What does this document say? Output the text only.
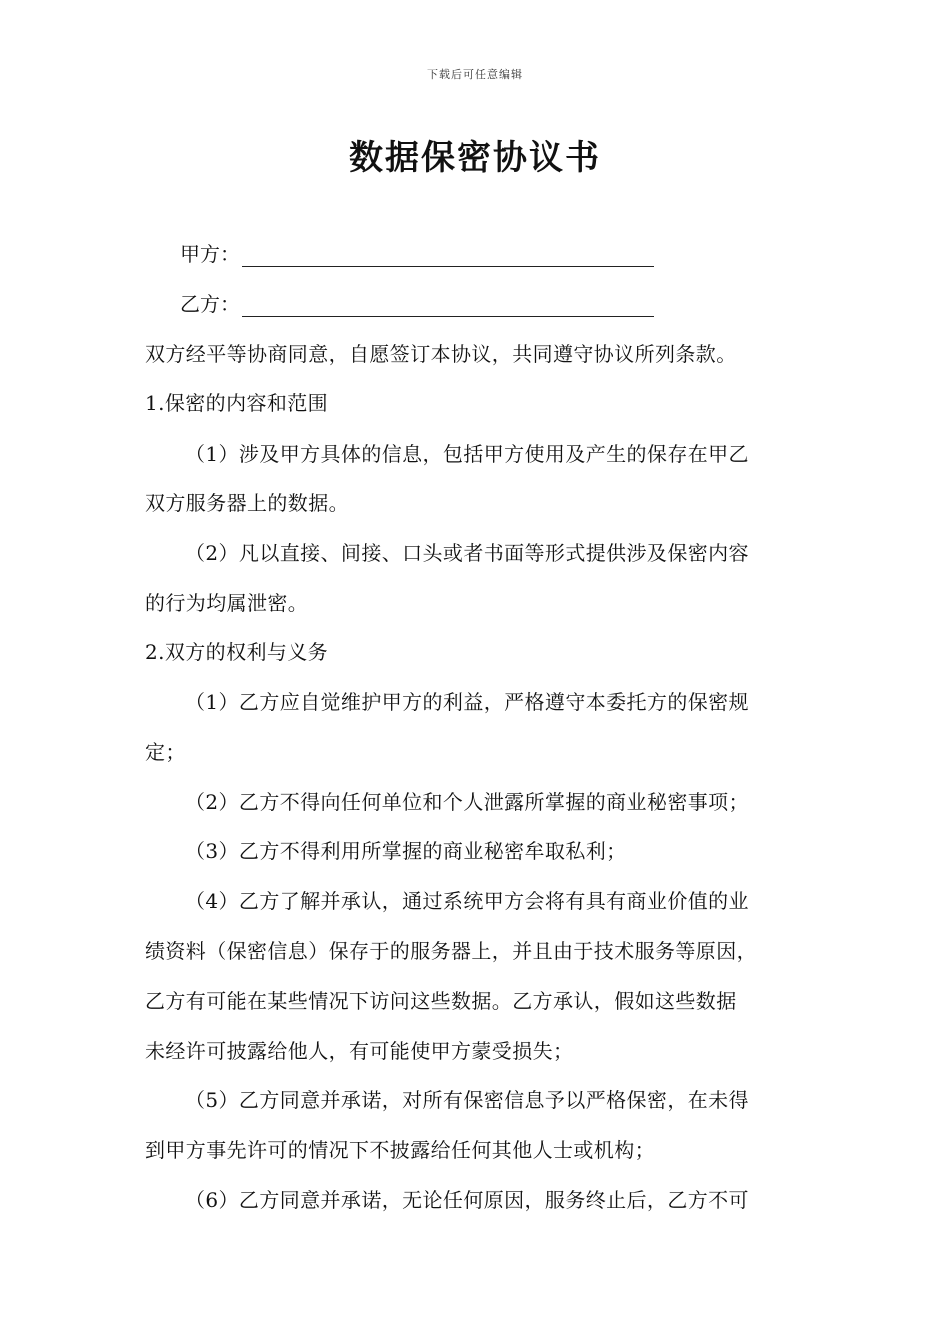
下载后可任意编辑
数据保密协议书
甲方：
乙方：
双方经平等协商同意，自愿签订本协议，共同遵守协议所列条款。
1.保密的内容和范围
（1）涉及甲方具体的信息，包括甲方使用及产生的保存在甲乙
双方服务器上的数据。
（2）凡以直接、间接、口头或者书面等形式提供涉及保密内容
的行为均属泄密。
2.双方的权利与义务
（1）乙方应自觉维护甲方的利益，严格遵守本委托方的保密规
定；
（2）乙方不得向任何单位和个人泄露所掌握的商业秘密事项；
（3）乙方不得利用所掌握的商业秘密牟取私利；
（4）乙方了解并承认，通过系统甲方会将有具有商业价值的业
绩资料（保密信息）保存于的服务器上，并且由于技术服务等原因，
乙方有可能在某些情况下访问这些数据。乙方承认，假如这些数据
未经许可披露给他人，有可能使甲方蒙受损失；
（5）乙方同意并承诺，对所有保密信息予以严格保密，在未得
到甲方事先许可的情况下不披露给任何其他人士或机构；
（6）乙方同意并承诺，无论任何原因，服务终止后，乙方不可
